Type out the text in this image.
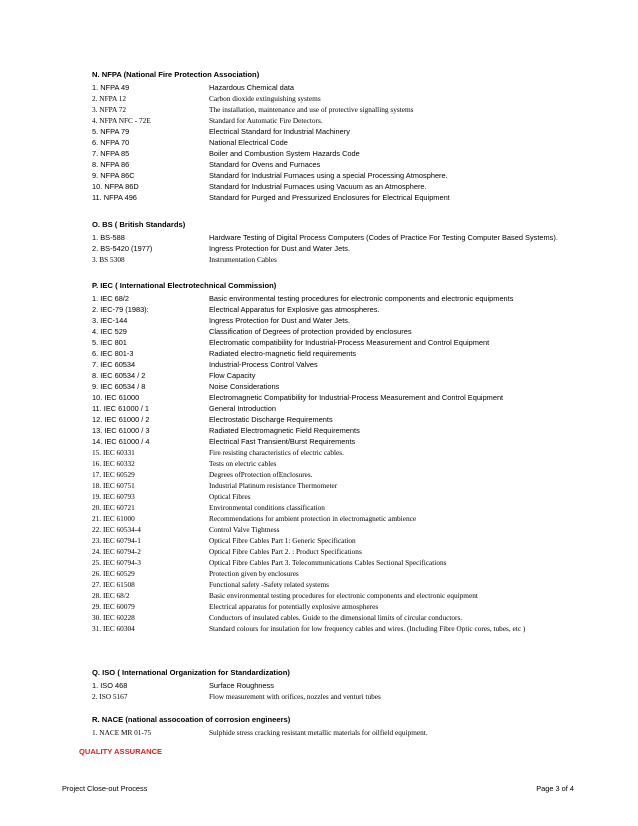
N. NFPA (National Fire Protection Association)
1. NFPA 49	Hazardous Chemical data
2. NFPA 12	Carbon dioxide extinguishing systems
3. NFPA 72	The installation, maintenance and use of protective signalling systems
4. NFPA NFC - 72E	Standard for Automatic Fire Detectors.
5. NFPA 79	Electrical Standard for Industrial Machinery
6. NFPA 70	National Electrical Code
7. NFPA 85	Boiler and Combustion System Hazards Code
8. NFPA 86	Standard for Ovens and Furnaces
9. NFPA 86C	Standard for Industrial Furnaces using a special Processing Atmosphere.
10. NFPA 86D	Standard for Industrial Furnaces using Vacuum as an Atmosphere.
11. NFPA 496	Standard for Purged and Pressurized Enclosures for Electrical Equipment
O. BS ( British Standards)
1. BS-588	Hardware Testing of Digital Process Computers (Codes of Practice For Testing Computer Based Systems).
2. BS-5420 (1977)	Ingress Protection for Dust and Water Jets.
3. BS 5308	Instrumentation Cables
P. IEC ( International Electrotechnical Commission)
1. IEC 68/2	Basic environmental testing procedures for electronic components and electronic equipments
2. IEC-79 (1983):	Electrical Apparatus for Explosive gas atmospheres.
3. IEC-144	Ingress Protection for Dust and Water Jets.
4. IEC 529	Classification of Degrees of protection provided by enclosures
5. IEC 801	Electromatic compatibility for Industrial-Process Measurement and Control Equipment
6. IEC 801-3	Radiated electro-magnetic field requirements
7. IEC 60534	Industrial-Process Control Valves
8. IEC 60534 / 2	Flow Capacity
9. IEC 60534 / 8	Noise Considerations
10. IEC 61000	Electromagnetic Compatibility for Industrial-Process Measurement and Control Equipment
11. IEC 61000 / 1	General Introduction
12. IEC 61000 / 2	Electrostatic Discharge Requirements
13. IEC 61000 / 3	Radiated Electromagnetic Field Requirements
14. IEC 61000 / 4	Electrical Fast Transient/Burst Requirements
15. IEC 60331	Fire resisting characteristics of electric cables.
16. IEC 60332	Tests on electric cables
17. IEC 60529	Degrees ofProtection ofEnclosures.
18. IEC 60751	Industrial Platinum resistance Thermometer
19. IEC 60793	Optical Fibres
20. IEC 60721	Environmental conditions classification
21. IEC 61000	Recommendations for ambient protection in electromagnetic ambience
22. IEC 60534-4	Control Valve Tightness
23. IEC 60794-1	Optical Fibre Cables Part 1: Generic Specification
24. IEC 60794-2	Optical Fibre Cables Part 2. : Product Specifications
25. IEC 60794-3	Optical Fibre Cables Part 3. Telecommunications Cables Sectional Specifications
26. IEC 60529	Protection given by enclosures
27. IEC 61508	Functional safety -Safety related systems
28. IEC 68/2	Basic environmental testing procedures for electronic components and electronic equipment
29. IEC 60079	Electrical apparatus for potentially explosive atmospheres
30. IEC 60228	Conductors of insulated cables. Guide to the dimensional limits of circular conductors.
31. IEC 60304	Standard colours for insulation for low frequency cables and wires. (Including Fibre Optic cores, tubes, etc )
Q. ISO ( International Organization for Standardization)
1. ISO 468	Surface Roughness
2. ISO 5167	Flow measurement with orifices, nozzles and venturi tubes
R. NACE (national assocoation of corrosion engineers)
1. NACE MR 01-75	Sulphide stress cracking resistant metallic materials for oilfield equipment.
QUALITY ASSURANCE
Project Close-out Process	Page 3 of 4
